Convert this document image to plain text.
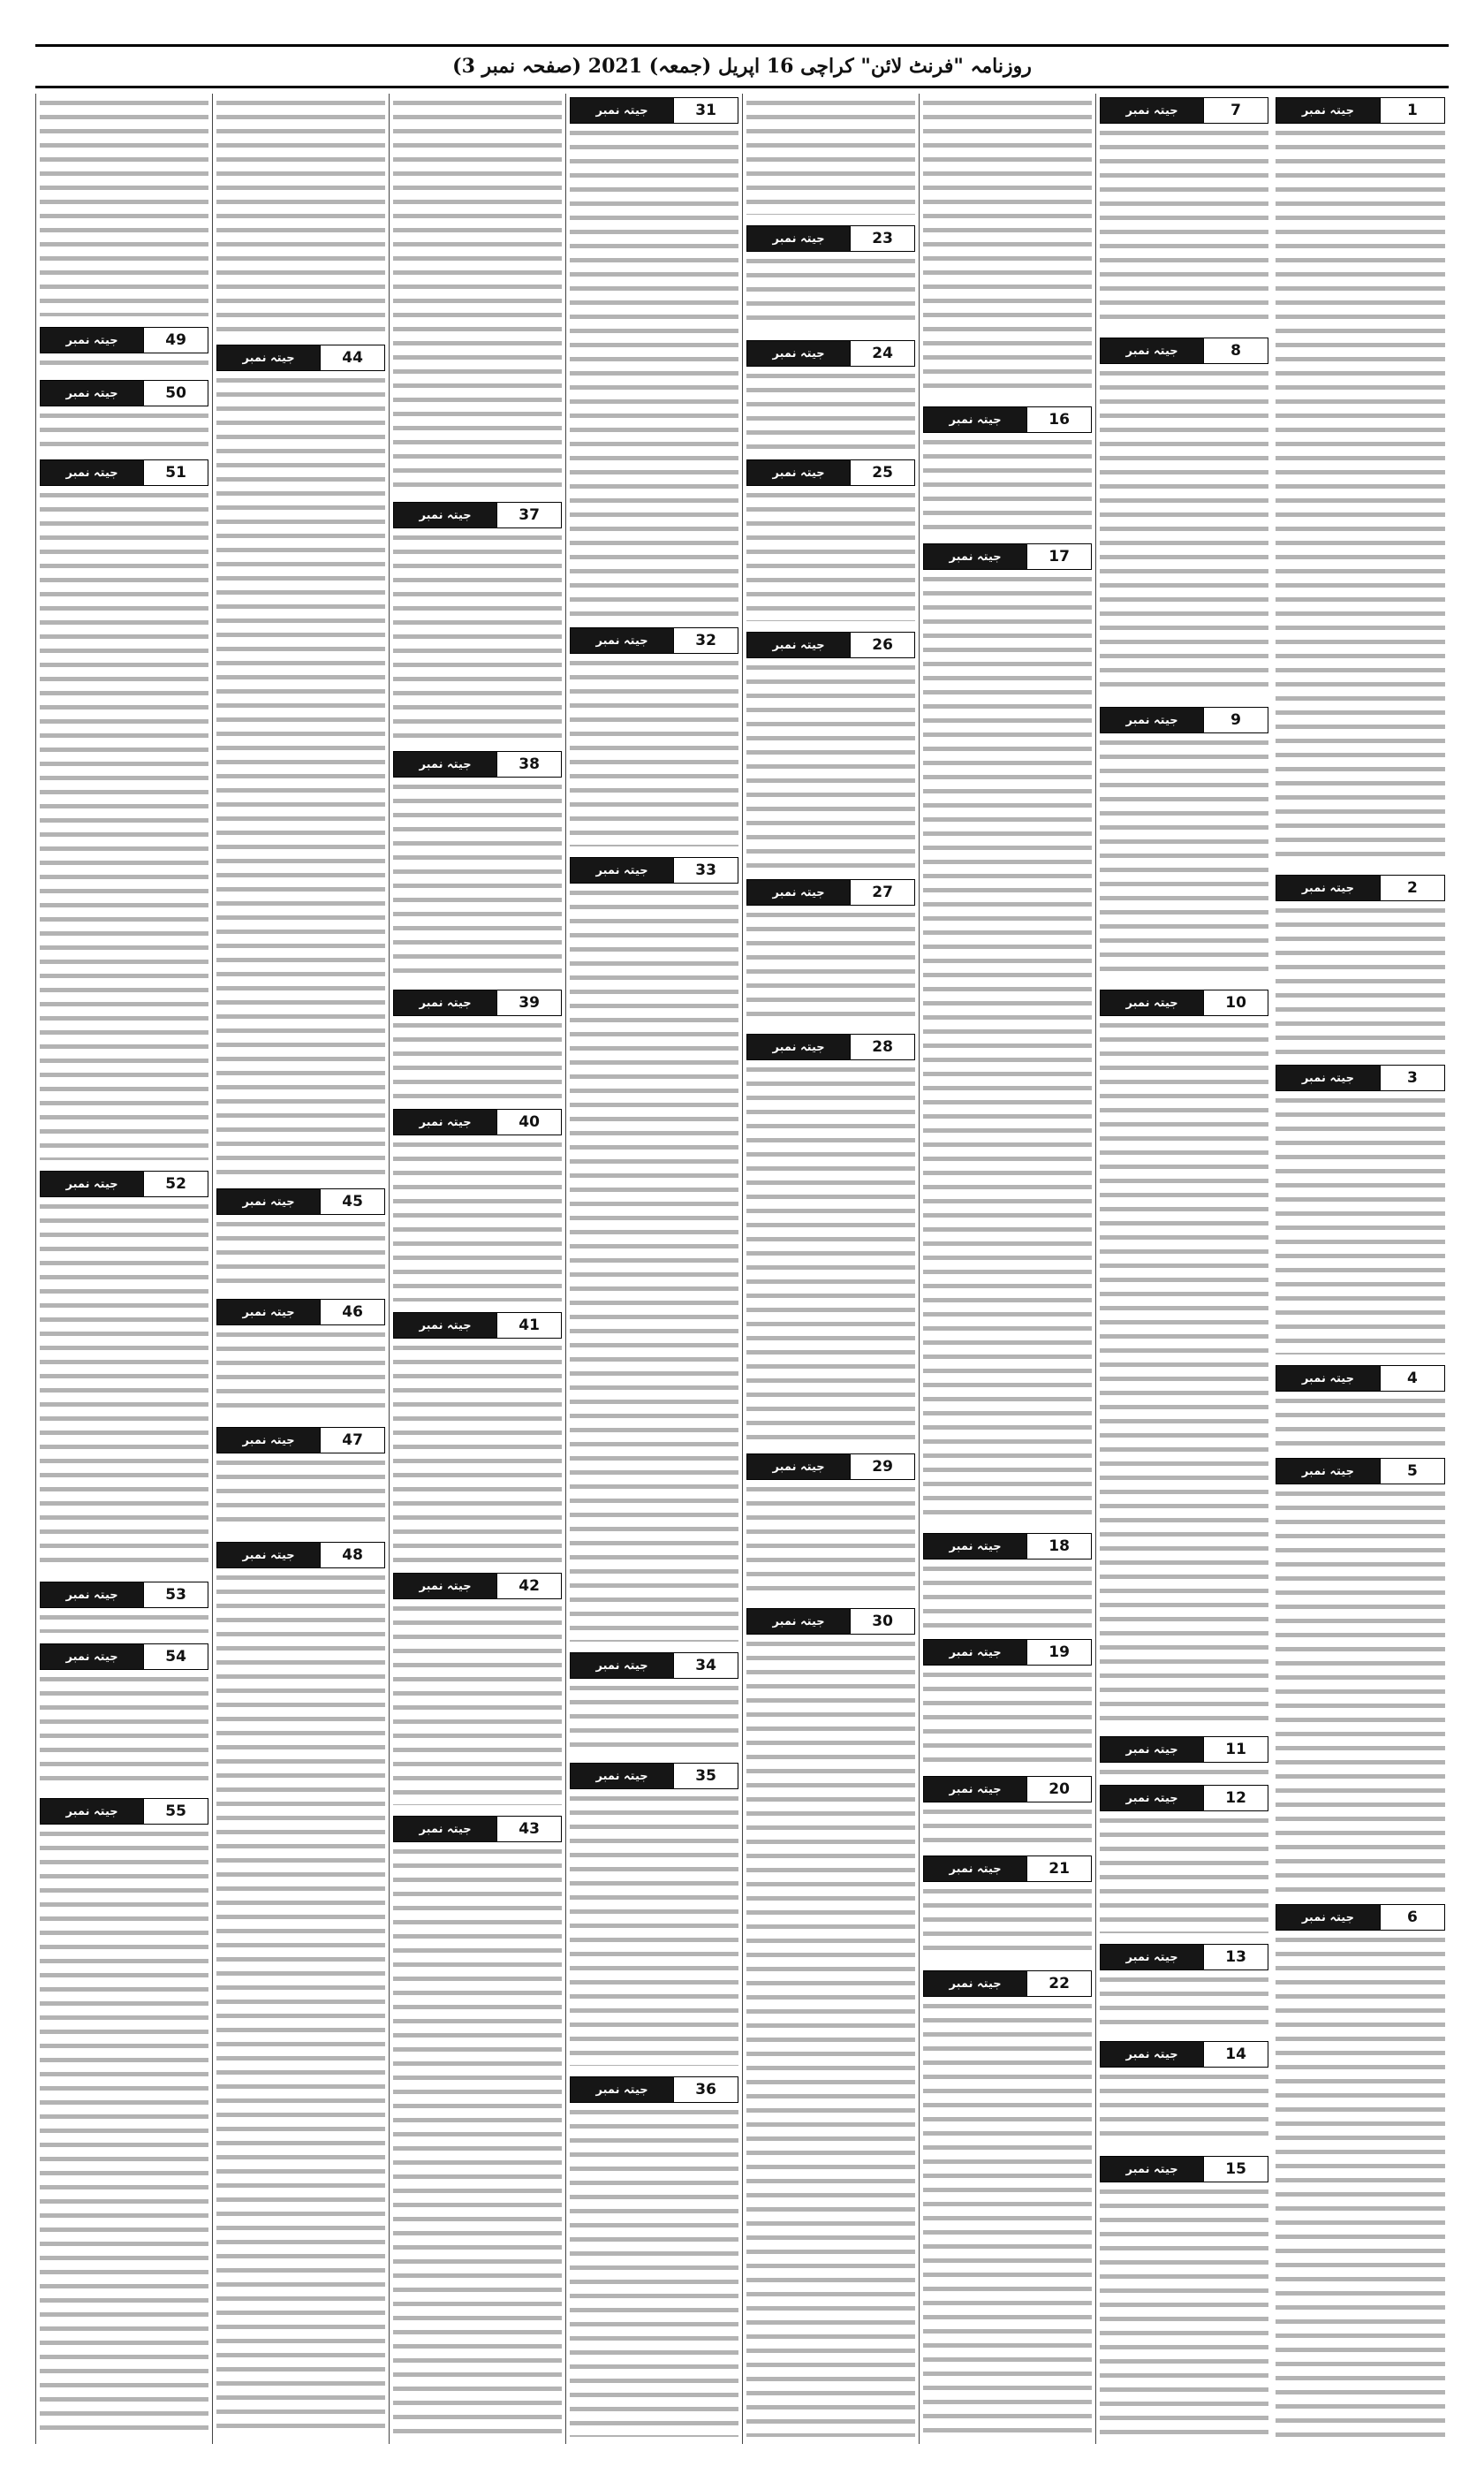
روزنامہ "فرنٹ لائن" کراچی 16 اپریل (جمعہ) 2021 (صفحہ نمبر 3)
1
جیتہ نمبر
2
جیتہ نمبر
3
جیتہ نمبر
4
جیتہ نمبر
5
جیتہ نمبر
6
جیتہ نمبر
7
جیتہ نمبر
8
جیتہ نمبر
9
جیتہ نمبر
10
جیتہ نمبر
11
جیتہ نمبر
12
جیتہ نمبر
13
جیتہ نمبر
14
جیتہ نمبر
15
جیتہ نمبر
16
جیتہ نمبر
17
جیتہ نمبر
18
جیتہ نمبر
19
جیتہ نمبر
20
جیتہ نمبر
21
جیتہ نمبر
22
جیتہ نمبر
23
جیتہ نمبر
24
جیتہ نمبر
25
جیتہ نمبر
26
جیتہ نمبر
27
جیتہ نمبر
28
جیتہ نمبر
29
جیتہ نمبر
30
جیتہ نمبر
31
جیتہ نمبر
32
جیتہ نمبر
33
جیتہ نمبر
34
جیتہ نمبر
35
جیتہ نمبر
36
جیتہ نمبر
37
جیتہ نمبر
38
جیتہ نمبر
39
جیتہ نمبر
40
جیتہ نمبر
41
جیتہ نمبر
42
جیتہ نمبر
43
جیتہ نمبر
44
جیتہ نمبر
45
جیتہ نمبر
46
جیتہ نمبر
47
جیتہ نمبر
48
جیتہ نمبر
49
جیتہ نمبر
50
جیتہ نمبر
51
جیتہ نمبر
52
جیتہ نمبر
53
جیتہ نمبر
54
جیتہ نمبر
55
جیتہ نمبر
